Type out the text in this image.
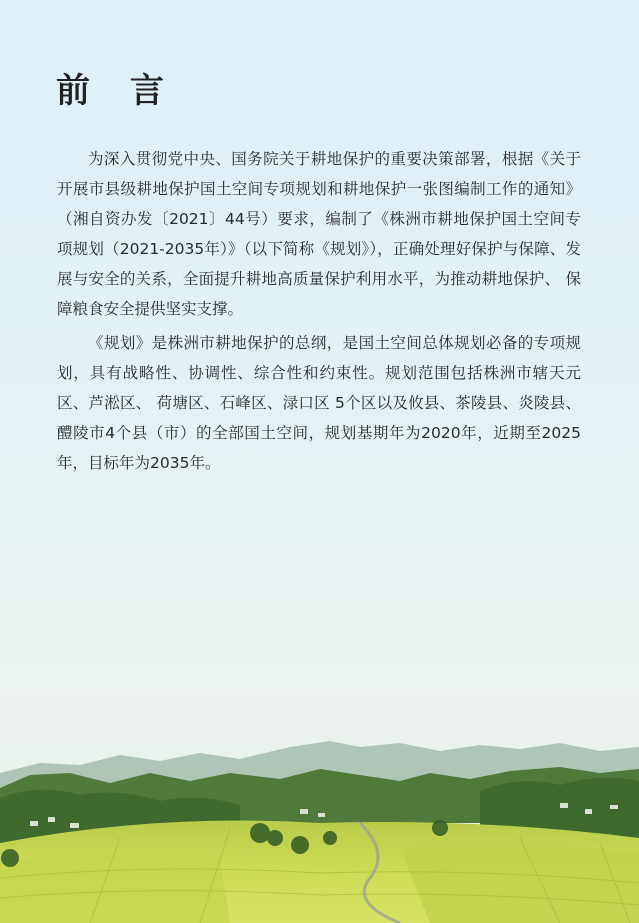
前 言

为深入贯彻党中央、国务院关于耕地保护的重要决策部署，根据《关于开展市县级耕地保护国土空间专项规划和耕地保护一张图编制工作的通知》（湘自资办发〔2021〕44号）要求，编制了《株洲市耕地保护国土空间专项规划（2021-2035年）》（以下简称《规划》），正确处理好保护与保障、发展与安全的关系，全面提升耕地高质量保护利用水平，为推动耕地保护、 保障粮食安全提供坚实支撑。

《规划》是株洲市耕地保护的总纲，是国土空间总体规划必备的专项规划，具有战略性、协调性、综合性和约束性。规划范围包括株洲市辖天元区、芦淞区、 荷塘区、石峰区、渌口区 5个区以及攸县、茶陵县、炎陵县、醴陵市4个县（市）的全部国土空间，规划基期年为2020年，近期至2025年，目标年为2035年。
